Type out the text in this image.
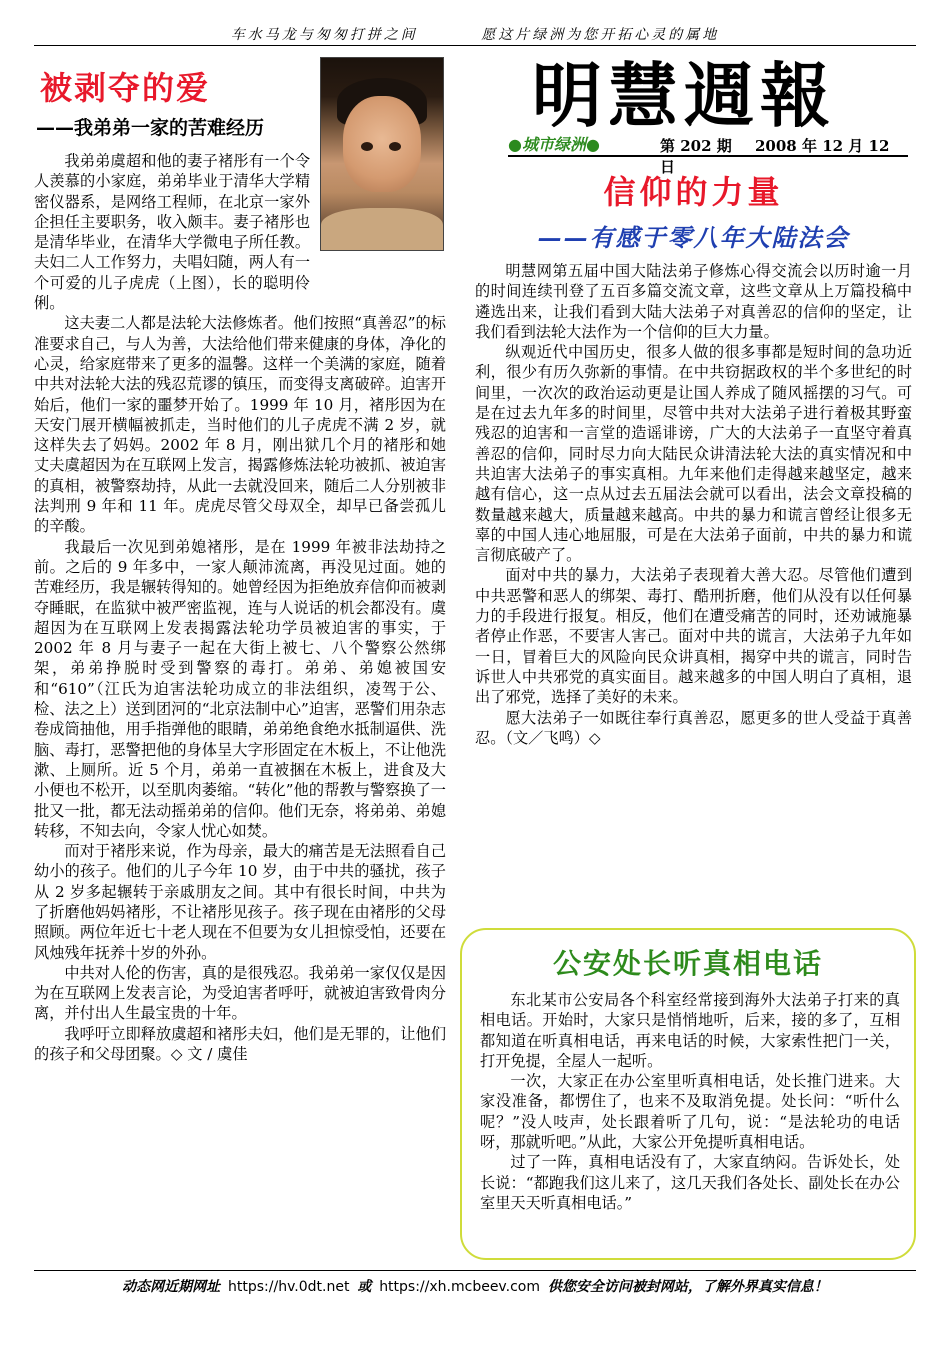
车水马龙与匆匆打拼之间	愿这片绿洲为您开拓心灵的属地
被剥夺的爱
——我弟弟一家的苦难经历

我弟弟虞超和他的妻子褚彤有一个令人羡慕的小家庭，弟弟毕业于清华大学精密仪器系，是网络工程师，在北京一家外企担任主要职务，收入颇丰。妻子褚彤也是清华毕业，在清华大学微电子所任教。夫妇二人工作努力，夫唱妇随，两人有一个可爱的儿子虎虎（上图），长的聪明伶俐。

这夫妻二人都是法轮大法修炼者。他们按照“真善忍”的标准要求自己，与人为善，大法给他们带来健康的身体，净化的心灵，给家庭带来了更多的温馨。这样一个美满的家庭，随着中共对法轮大法的残忍荒谬的镇压，而变得支离破碎。迫害开始后，他们一家的噩梦开始了。1999 年 10 月，褚彤因为在天安门展开横幅被抓走，当时他们的儿子虎虎不满 2 岁，就这样失去了妈妈。2002 年 8 月，刚出狱几个月的褚彤和她丈夫虞超因为在互联网上发言，揭露修炼法轮功被抓、被迫害的真相，被警察劫持，从此一去就没回来，随后二人分别被非法判刑 9 年和 11 年。虎虎尽管父母双全，却早已备尝孤儿的辛酸。

我最后一次见到弟媳褚彤，是在 1999 年被非法劫持之前。之后的 9 年多中，一家人颠沛流离，再没见过面。她的苦难经历，我是辗转得知的。她曾经因为拒绝放弃信仰而被剥夺睡眠，在监狱中被严密监视，连与人说话的机会都没有。虞超因为在互联网上发表揭露法轮功学员被迫害的事实，于 2002 年 8 月与妻子一起在大街上被七、八个警察公然绑架，弟弟挣脱时受到警察的毒打。弟弟、弟媳被国安和“610”（江氏为迫害法轮功成立的非法组织，凌驾于公、检、法之上）送到团河的“北京法制中心”迫害，恶警们用杂志卷成筒抽他，用手指弹他的眼睛，弟弟绝食绝水抵制逼供、洗脑、毒打，恶警把他的身体呈大字形固定在木板上，不让他洗漱、上厕所。近 5 个月，弟弟一直被捆在木板上，进食及大小便也不松开，以至肌肉萎缩。“转化”他的帮教与警察换了一批又一批，都无法动摇弟弟的信仰。他们无奈，将弟弟、弟媳转移，不知去向，令家人忧心如焚。

而对于褚彤来说，作为母亲，最大的痛苦是无法照看自己幼小的孩子。他们的儿子今年 10 岁，由于中共的骚扰，孩子从 2 岁多起辗转于亲戚朋友之间。其中有很长时间，中共为了折磨他妈妈褚彤，不让褚彤见孩子。孩子现在由褚彤的父母照顾。两位年近七十老人现在不但要为女儿担惊受怕，还要在风烛残年抚养十岁的外孙。

中共对人伦的伤害，真的是很残忍。我弟弟一家仅仅是因为在互联网上发表言论，为受迫害者呼吁，就被迫害致骨肉分离，并付出人生最宝贵的十年。

我呼吁立即释放虞超和褚彤夫妇，他们是无罪的，让他们的孩子和父母团聚。◇ 文 / 虞佳

明慧週報
●城市绿洲●	第 202 期 2008 年 12 月 12 日
信仰的力量
——有感于零八年大陆法会

明慧网第五届中国大陆法弟子修炼心得交流会以历时逾一月的时间连续刊登了五百多篇交流文章，这些文章从上万篇投稿中遴选出来，让我们看到大陆大法弟子对真善忍的信仰的坚定，让我们看到法轮大法作为一个信仰的巨大力量。

纵观近代中国历史，很多人做的很多事都是短时间的急功近利，很少有历久弥新的事情。在中共窃据政权的半个多世纪的时间里，一次次的政治运动更是让国人养成了随风摇摆的习气。可是在过去九年多的时间里，尽管中共对大法弟子进行着极其野蛮残忍的迫害和一言堂的造谣诽谤，广大的大法弟子一直坚守着真善忍的信仰，同时尽力向大陆民众讲清法轮大法的真实情况和中共迫害大法弟子的事实真相。九年来他们走得越来越坚定，越来越有信心，这一点从过去五届法会就可以看出，法会文章投稿的数量越来越大，质量越来越高。中共的暴力和谎言曾经让很多无辜的中国人违心地屈服，可是在大法弟子面前，中共的暴力和谎言彻底破产了。

面对中共的暴力，大法弟子表现着大善大忍。尽管他们遭到中共恶警和恶人的绑架、毒打、酷刑折磨，他们从没有以任何暴力的手段进行报复。相反，他们在遭受痛苦的同时，还劝诫施暴者停止作恶，不要害人害己。面对中共的谎言，大法弟子九年如一日，冒着巨大的风险向民众讲真相，揭穿中共的谎言，同时告诉世人中共邪党的真实面目。越来越多的中国人明白了真相，退出了邪党，选择了美好的未来。

愿大法弟子一如既往奉行真善忍，愿更多的世人受益于真善忍。（文／飞鸣）◇

公安处长听真相电话

东北某市公安局各个科室经常接到海外大法弟子打来的真相电话。开始时，大家只是悄悄地听，后来，接的多了，互相都知道在听真相电话，再来电话的时候，大家索性把门一关，打开免提，全屋人一起听。

一次，大家正在办公室里听真相电话，处长推门进来。大家没准备，都愣住了，也来不及取消免提。处长问：“听什么呢？”没人吱声，处长跟着听了几句，说：“是法轮功的电话呀，那就听吧。”从此，大家公开免提听真相电话。

过了一阵，真相电话没有了，大家直纳闷。告诉处长，处长说：“都跑我们这儿来了，这几天我们各处长、副处长在办公室里天天听真相电话。”

动态网近期网址 https://hv.0dt.net 或 https://xh.mcbeev.com 供您安全访问被封网站，了解外界真实信息！
